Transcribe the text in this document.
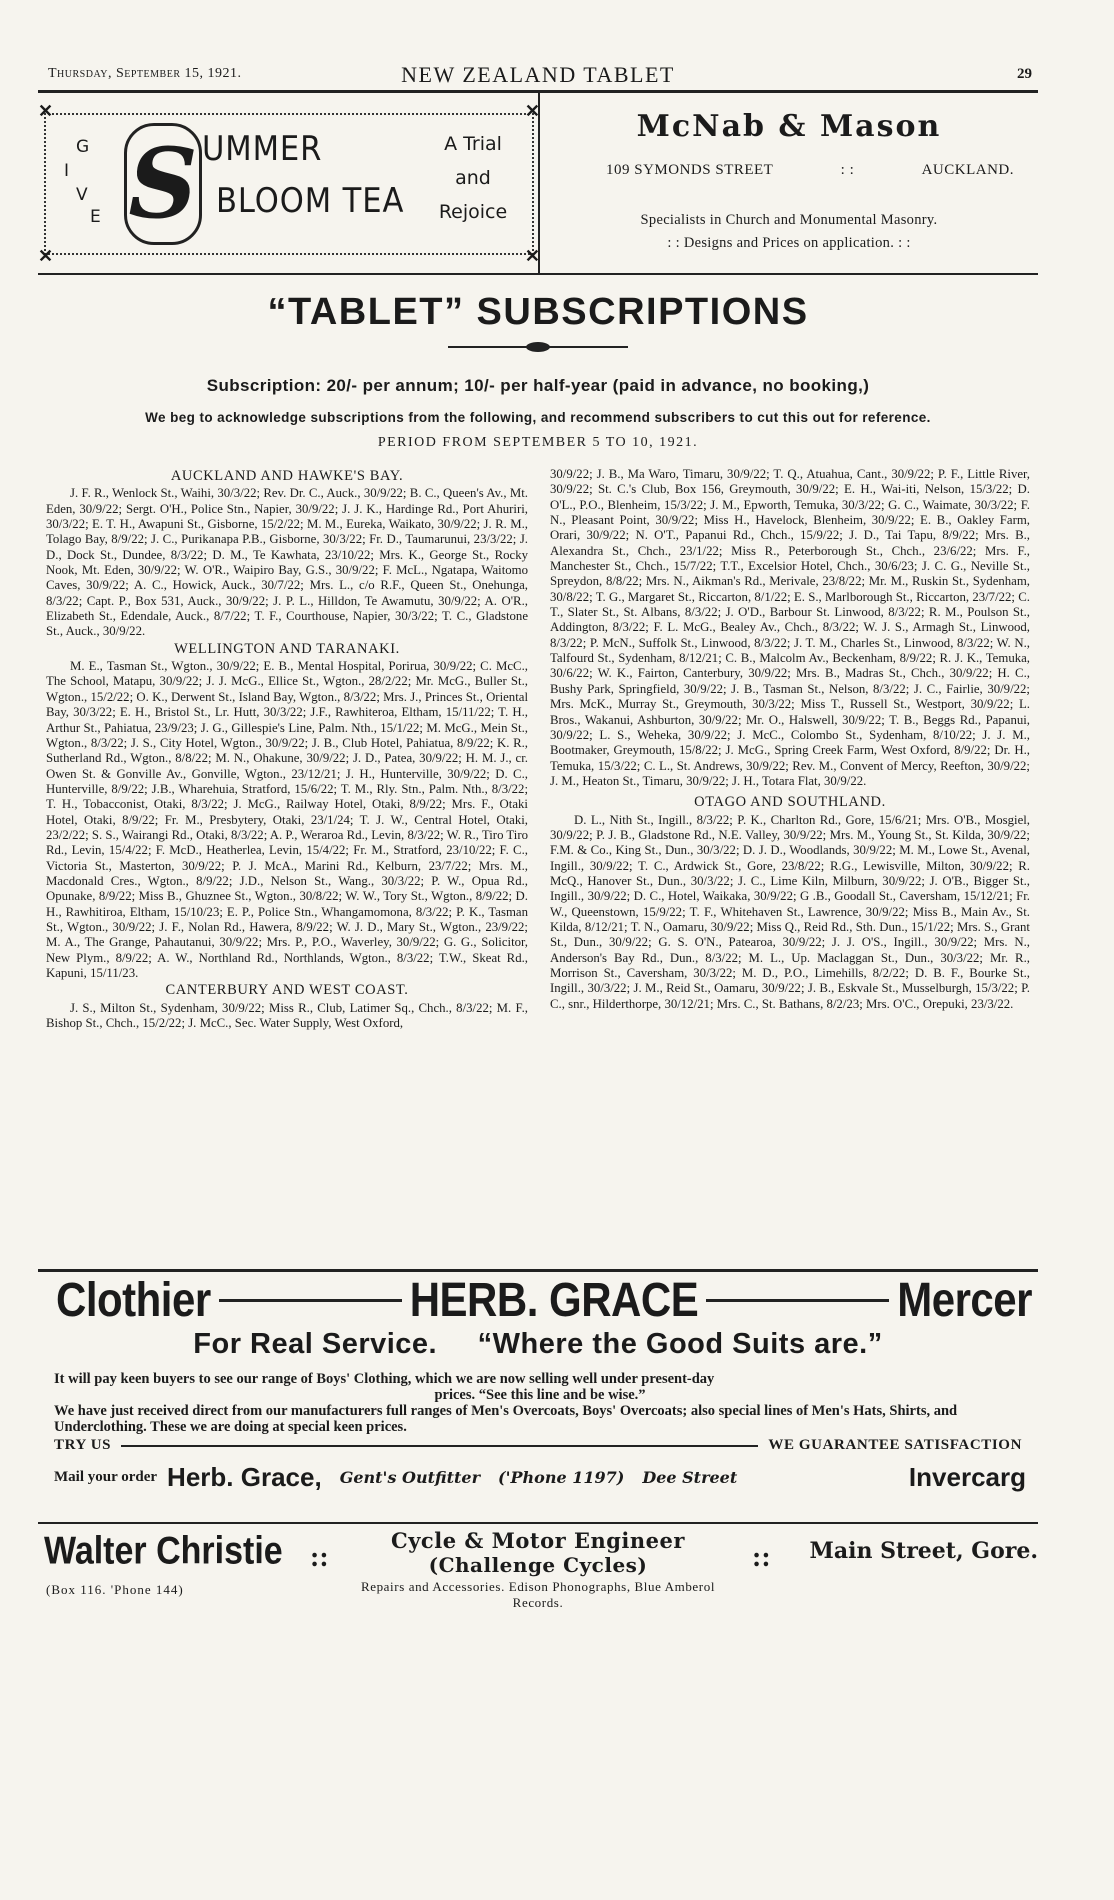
Thursday, September 15, 1921.	NEW ZEALAND TABLET	29
✕	✕
✕	✕
G
I
V
E S UMMER
BLOOM TEA
A Trial
and
Rejoice
McNab & Mason
109 SYMONDS STREET	: :	AUCKLAND.
Specialists in Church and Monumental Masonry.
: : Designs and Prices on application. : :
“TABLET” SUBSCRIPTIONS
Subscription: 20/- per annum; 10/- per half-year (paid in advance, no booking,)
We beg to acknowledge subscriptions from the following, and recommend subscribers to cut this out for reference.
PERIOD FROM SEPTEMBER 5 TO 10, 1921.
AUCKLAND AND HAWKE'S BAY.

J. F. R., Wenlock St., Waihi, 30/3/22; Rev. Dr. C., Auck., 30/9/22; B. C., Queen's Av., Mt. Eden, 30/9/22; Sergt. O'H., Police Stn., Napier, 30/9/22; J. J. K., Hardinge Rd., Port Ahuriri, 30/3/22; E. T. H., Awapuni St., Gisborne, 15/2/22; M. M., Eureka, Waikato, 30/9/22; J. R. M., Tolago Bay, 8/9/22; J. C., Purikanapa P.B., Gisborne, 30/3/22; Fr. D., Taumarunui, 23/3/22; J. D., Dock St., Dundee, 8/3/22; D. M., Te Kawhata, 23/10/22; Mrs. K., George St., Rocky Nook, Mt. Eden, 30/9/22; W. O'R., Waipiro Bay, G.S., 30/9/22; F. McL., Ngatapa, Waitomo Caves, 30/9/22; A. C., Howick, Auck., 30/7/22; Mrs. L., c/o R.F., Queen St., Onehunga, 8/3/22; Capt. P., Box 531, Auck., 30/9/22; J. P. L., Hilldon, Te Awamutu, 30/9/22; A. O'R., Elizabeth St., Edendale, Auck., 8/7/22; T. F., Courthouse, Napier, 30/3/22; T. C., Gladstone St., Auck., 30/9/22.

WELLINGTON AND TARANAKI.

M. E., Tasman St., Wgton., 30/9/22; E. B., Mental Hospital, Porirua, 30/9/22; C. McC., The School, Matapu, 30/9/22; J. J. McG., Ellice St., Wgton., 28/2/22; Mr. McG., Buller St., Wgton., 15/2/22; O. K., Derwent St., Island Bay, Wgton., 8/3/22; Mrs. J., Princes St., Oriental Bay, 30/3/22; E. H., Bristol St., Lr. Hutt, 30/3/22; J.F., Rawhiteroa, Eltham, 15/11/22; T. H., Arthur St., Pahiatua, 23/9/23; J. G., Gillespie's Line, Palm. Nth., 15/1/22; M. McG., Mein St., Wgton., 8/3/22; J. S., City Hotel, Wgton., 30/9/22; J. B., Club Hotel, Pahiatua, 8/9/22; K. R., Sutherland Rd., Wgton., 8/8/22; M. N., Ohakune, 30/9/22; J. D., Patea, 30/9/22; H. M. J., cr. Owen St. & Gonville Av., Gonville, Wgton., 23/12/21; J. H., Hunterville, 30/9/22; D. C., Hunterville, 8/9/22; J.B., Wharehuia, Stratford, 15/6/22; T. M., Rly. Stn., Palm. Nth., 8/3/22; T. H., Tobacconist, Otaki, 8/3/22; J. McG., Railway Hotel, Otaki, 8/9/22; Mrs. F., Otaki Hotel, Otaki, 8/9/22; Fr. M., Presbytery, Otaki, 23/1/24; T. J. W., Central Hotel, Otaki, 23/2/22; S. S., Wairangi Rd., Otaki, 8/3/22; A. P., Weraroa Rd., Levin, 8/3/22; W. R., Tiro Tiro Rd., Levin, 15/4/22; F. McD., Heatherlea, Levin, 15/4/22; Fr. M., Stratford, 23/10/22; F. C., Victoria St., Masterton, 30/9/22; P. J. McA., Marini Rd., Kelburn, 23/7/22; Mrs. M., Macdonald Cres., Wgton., 8/9/22; J.D., Nelson St., Wang., 30/3/22; P. W., Opua Rd., Opunake, 8/9/22; Miss B., Ghuznee St., Wgton., 30/8/22; W. W., Tory St., Wgton., 8/9/22; D. H., Rawhitiroa, Eltham, 15/10/23; E. P., Police Stn., Whangamomona, 8/3/22; P. K., Tasman St., Wgton., 30/9/22; J. F., Nolan Rd., Hawera, 8/9/22; W. J. D., Mary St., Wgton., 23/9/22; M. A., The Grange, Pahautanui, 30/9/22; Mrs. P., P.O., Waverley, 30/9/22; G. G., Solicitor, New Plym., 8/9/22; A. W., Northland Rd., Northlands, Wgton., 8/3/22; T.W., Skeat Rd., Kapuni, 15/11/23.

CANTERBURY AND WEST COAST.

J. S., Milton St., Sydenham, 30/9/22; Miss R., Club, Latimer Sq., Chch., 8/3/22; M. F., Bishop St., Chch., 15/2/22; J. McC., Sec. Water Supply, West Oxford,

30/9/22; J. B., Ma Waro, Timaru, 30/9/22; T. Q., Atuahua, Cant., 30/9/22; P. F., Little River, 30/9/22; St. C.'s Club, Box 156, Greymouth, 30/9/22; E. H., Wai-iti, Nelson, 15/3/22; D. O'L., P.O., Blenheim, 15/3/22; J. M., Epworth, Temuka, 30/3/22; G. C., Waimate, 30/3/22; F. N., Pleasant Point, 30/9/22; Miss H., Havelock, Blenheim, 30/9/22; E. B., Oakley Farm, Orari, 30/9/22; N. O'T., Papanui Rd., Chch., 15/9/22; J. D., Tai Tapu, 8/9/22; Mrs. B., Alexandra St., Chch., 23/1/22; Miss R., Peterborough St., Chch., 23/6/22; Mrs. F., Manchester St., Chch., 15/7/22; T.T., Excelsior Hotel, Chch., 30/6/23; J. C. G., Neville St., Spreydon, 8/8/22; Mrs. N., Aikman's Rd., Merivale, 23/8/22; Mr. M., Ruskin St., Sydenham, 30/8/22; T. G., Margaret St., Riccarton, 8/1/22; E. S., Marlborough St., Riccarton, 23/7/22; C. T., Slater St., St. Albans, 8/3/22; J. O'D., Barbour St. Linwood, 8/3/22; R. M., Poulson St., Addington, 8/3/22; F. L. McG., Bealey Av., Chch., 8/3/22; W. J. S., Armagh St., Linwood, 8/3/22; P. McN., Suffolk St., Linwood, 8/3/22; J. T. M., Charles St., Linwood, 8/3/22; W. N., Talfourd St., Sydenham, 8/12/21; C. B., Malcolm Av., Beckenham, 8/9/22; R. J. K., Temuka, 30/6/22; W. K., Fairton, Canterbury, 30/9/22; Mrs. B., Madras St., Chch., 30/9/22; H. C., Bushy Park, Springfield, 30/9/22; J. B., Tasman St., Nelson, 8/3/22; J. C., Fairlie, 30/9/22; Mrs. McK., Murray St., Greymouth, 30/3/22; Miss T., Russell St., Westport, 30/9/22; L. Bros., Wakanui, Ashburton, 30/9/22; Mr. O., Halswell, 30/9/22; T. B., Beggs Rd., Papanui, 30/9/22; L. S., Weheka, 30/9/22; J. McC., Colombo St., Sydenham, 8/10/22; J. J. M., Bootmaker, Greymouth, 15/8/22; J. McG., Spring Creek Farm, West Oxford, 8/9/22; Dr. H., Temuka, 15/3/22; C. L., St. Andrews, 30/9/22; Rev. M., Convent of Mercy, Reefton, 30/9/22; J. M., Heaton St., Timaru, 30/9/22; J. H., Totara Flat, 30/9/22.

OTAGO AND SOUTHLAND.

D. L., Nith St., Ingill., 8/3/22; P. K., Charlton Rd., Gore, 15/6/21; Mrs. O'B., Mosgiel, 30/9/22; P. J. B., Gladstone Rd., N.E. Valley, 30/9/22; Mrs. M., Young St., St. Kilda, 30/9/22; F.M. & Co., King St., Dun., 30/3/22; D. J. D., Woodlands, 30/9/22; M. M., Lowe St., Avenal, Ingill., 30/9/22; T. C., Ardwick St., Gore, 23/8/22; R.G., Lewisville, Milton, 30/9/22; R. McQ., Hanover St., Dun., 30/3/22; J. C., Lime Kiln, Milburn, 30/9/22; J. O'B., Bigger St., Ingill., 30/9/22; D. C., Hotel, Waikaka, 30/9/22; G .B., Goodall St., Caversham, 15/12/21; Fr. W., Queenstown, 15/9/22; T. F., Whitehaven St., Lawrence, 30/9/22; Miss B., Main Av., St. Kilda, 8/12/21; T. N., Oamaru, 30/9/22; Miss Q., Reid Rd., Sth. Dun., 15/1/22; Mrs. S., Grant St., Dun., 30/9/22; G. S. O'N., Patearoa, 30/9/22; J. J. O'S., Ingill., 30/9/22; Mrs. N., Anderson's Bay Rd., Dun., 8/3/22; M. L., Up. Maclaggan St., Dun., 30/3/22; Mr. R., Morrison St., Caversham, 30/3/22; M. D., P.O., Limehills, 8/2/22; D. B. F., Bourke St., Ingill., 30/3/22; J. M., Reid St., Oamaru, 30/9/22; J. B., Eskvale St., Musselburgh, 15/3/22; P. C., snr., Hilderthorpe, 30/12/21; Mrs. C., St. Bathans, 8/2/23; Mrs. O'C., Orepuki, 23/3/22.

Clothier	HERB. GRACE	Mercer
For Real Service. “Where the Good Suits are.”
It will pay keen buyers to see our range of Boys' Clothing, which we are now selling well under present-day
prices. “See this line and be wise.”
We have just received direct from our manufacturers full ranges of Men's Overcoats, Boys' Overcoats; also special lines of Men's Hats, Shirts, and Underclothing. These we are doing at special keen prices.
TRY US	WE GUARANTEE SATISFACTION
Mail your order Herb. Grace, Gent's Outfitter ('Phone 1197) Dee Street	Invercarg
Walter Christie
(Box 116. 'Phone 144)
::
Cycle & Motor Engineer
(Challenge Cycles)
Repairs and Accessories. Edison Phonographs, Blue Amberol Records.
:: Main Street, Gore.
